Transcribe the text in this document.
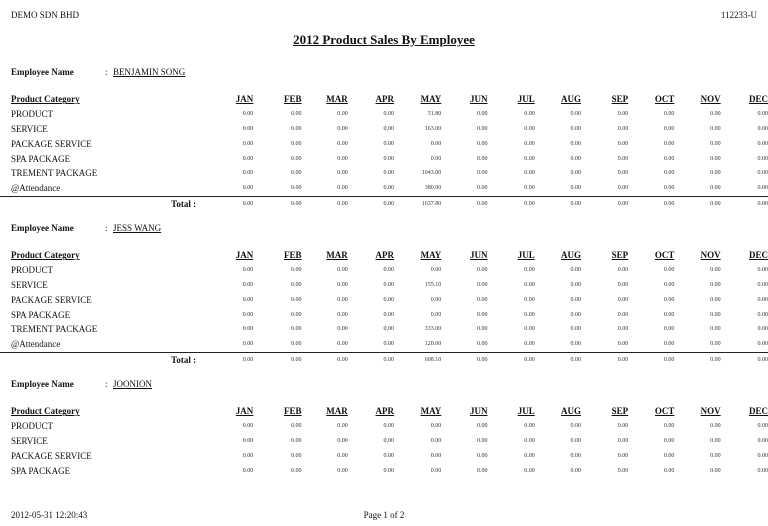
DEMO SDN BHD	112233-U
2012 Product Sales By Employee
Employee Name	: BENJAMIN SONG
Product Category	JAN	FEB	MAR	APR	MAY	JUN	JUL	AUG	SEP	OCT	NOV	DEC
PRODUCT	0.00	0.00	0.00	0.00	51.80	0.00	0.00	0.00	0.00	0.00	0.00	0.00
SERVICE	0.00	0.00	0.00	0.00	163.00	0.00	0.00	0.00	0.00	0.00	0.00	0.00
PACKAGE SERVICE	0.00	0.00	0.00	0.00	0.00	0.00	0.00	0.00	0.00	0.00	0.00	0.00
SPA PACKAGE	0.00	0.00	0.00	0.00	0.00	0.00	0.00	0.00	0.00	0.00	0.00	0.00
TREMENT PACKAGE	0.00	0.00	0.00	0.00	1043.00	0.00	0.00	0.00	0.00	0.00	0.00	0.00
@Attendance	0.00	0.00	0.00	0.00	380.00	0.00	0.00	0.00	0.00	0.00	0.00	0.00
Total :	0.00	0.00	0.00	0.00	1637.80	0.00	0.00	0.00	0.00	0.00	0.00	0.00
Employee Name	: JESS WANG
Product Category	JAN	FEB	MAR	APR	MAY	JUN	JUL	AUG	SEP	OCT	NOV	DEC
PRODUCT	0.00	0.00	0.00	0.00	0.00	0.00	0.00	0.00	0.00	0.00	0.00	0.00
SERVICE	0.00	0.00	0.00	0.00	155.10	0.00	0.00	0.00	0.00	0.00	0.00	0.00
PACKAGE SERVICE	0.00	0.00	0.00	0.00	0.00	0.00	0.00	0.00	0.00	0.00	0.00	0.00
SPA PACKAGE	0.00	0.00	0.00	0.00	0.00	0.00	0.00	0.00	0.00	0.00	0.00	0.00
TREMENT PACKAGE	0.00	0.00	0.00	0.00	333.00	0.00	0.00	0.00	0.00	0.00	0.00	0.00
@Attendance	0.00	0.00	0.00	0.00	120.00	0.00	0.00	0.00	0.00	0.00	0.00	0.00
Total :	0.00	0.00	0.00	0.00	608.10	0.00	0.00	0.00	0.00	0.00	0.00	0.00
Employee Name	: JOONION
Product Category	JAN	FEB	MAR	APR	MAY	JUN	JUL	AUG	SEP	OCT	NOV	DEC
PRODUCT	0.00	0.00	0.00	0.00	0.00	0.00	0.00	0.00	0.00	0.00	0.00	0.00
SERVICE	0.00	0.00	0.00	0.00	0.00	0.00	0.00	0.00	0.00	0.00	0.00	0.00
PACKAGE SERVICE	0.00	0.00	0.00	0.00	0.00	0.00	0.00	0.00	0.00	0.00	0.00	0.00
SPA PACKAGE	0.00	0.00	0.00	0.00	0.00	0.00	0.00	0.00	0.00	0.00	0.00	0.00
2012-05-31 12:20:43	Page 1 of 2
